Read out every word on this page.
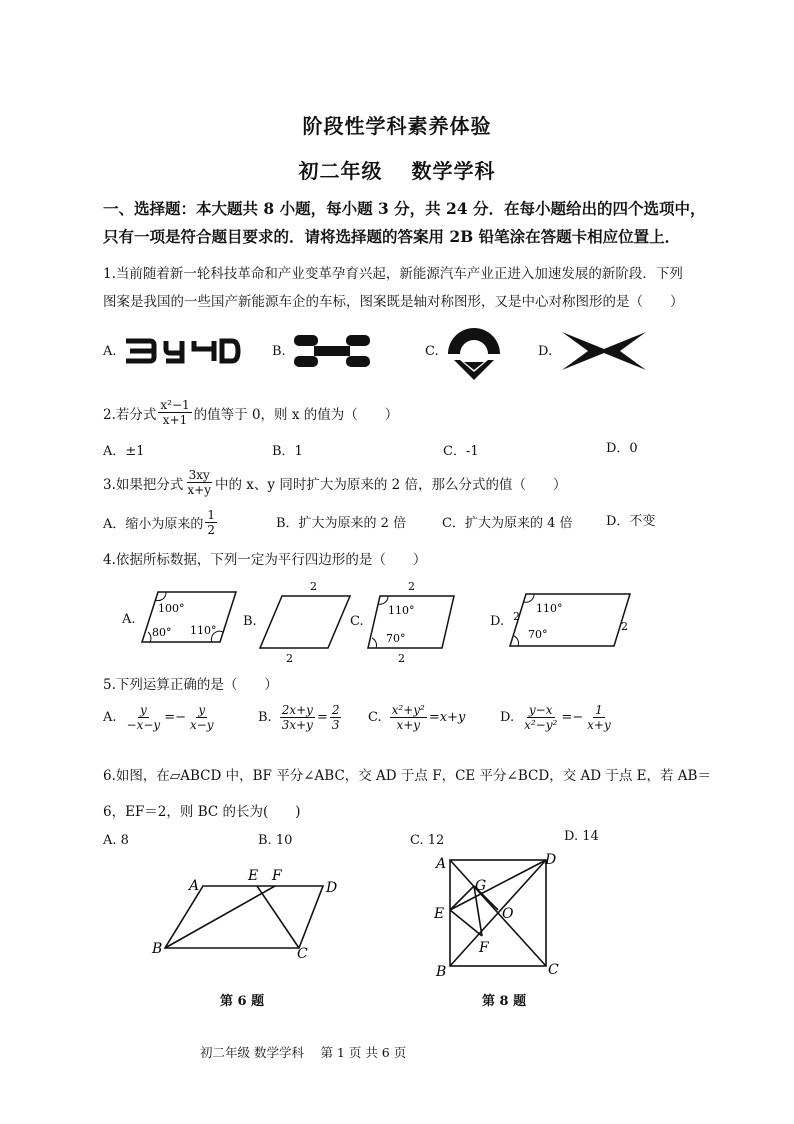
阶段性学科素养体验
初二年级　 数学学科
一、选择题：本大题共 8 小题，每小题 3 分，共 24 分．在每小题给出的四个选项中，
只有一项是符合题目要求的．请将选择题的答案用 2B 铅笔涂在答题卡相应位置上．
1.当前随着新一轮科技革命和产业变革孕育兴起，新能源汽车产业正进入加速发展的新阶段．下列
图案是我国的一些国产新能源车企的车标，图案既是轴对称图形，又是中心对称图形的是（　　）
A.	B.	C.	D.
2.若分式 $\frac{\text{x²−1}}{x+1}$ 的值等于 0，则 x 的值为（　　）
A．±1	B．1	C．-1	D．0
3.如果把分式 $\frac{3xy}{x+y}$ 中的 x、y 同时扩大为原来的 2 倍，那么分式的值（　　）
A．缩小为原来的 $\frac{1}{2}$	B．扩大为原来的 2 倍	C．扩大为原来的 4 倍	D．不变
4.依据所标数据，下列一定为平行四边形的是（　　）
A.
100°
80° 110°
B.
2
2
C.
2
110°
70°
2
D. 2
110°
70°
2
5.下列运算正确的是（　　）
A. $\frac{y}{-x-y} =- \frac{y}{x-y}$	B. $\frac{2x+y}{3x+y} = \frac{2}{3} C$. $\frac{\text{x²+y²}}{x+y} =x+y$	D. $\frac{y-x}{\text{x²−y²}} =- \frac{1}{x+y}$
6.如图，在▱ABCD 中，BF 平分∠ABC，交 AD 于点 F，CE 平分∠BCD，交 AD 于点 E，若 AB＝
6，EF＝2，则 BC 的长为(　　)
A. 8	B. 10	C. 12	D. 14
A
E F
D
B	C
第 6 题
A	D
G
E	O
F
B	C
第 8 题
初二年级 数学学科　 第 1 页 共 6 页
